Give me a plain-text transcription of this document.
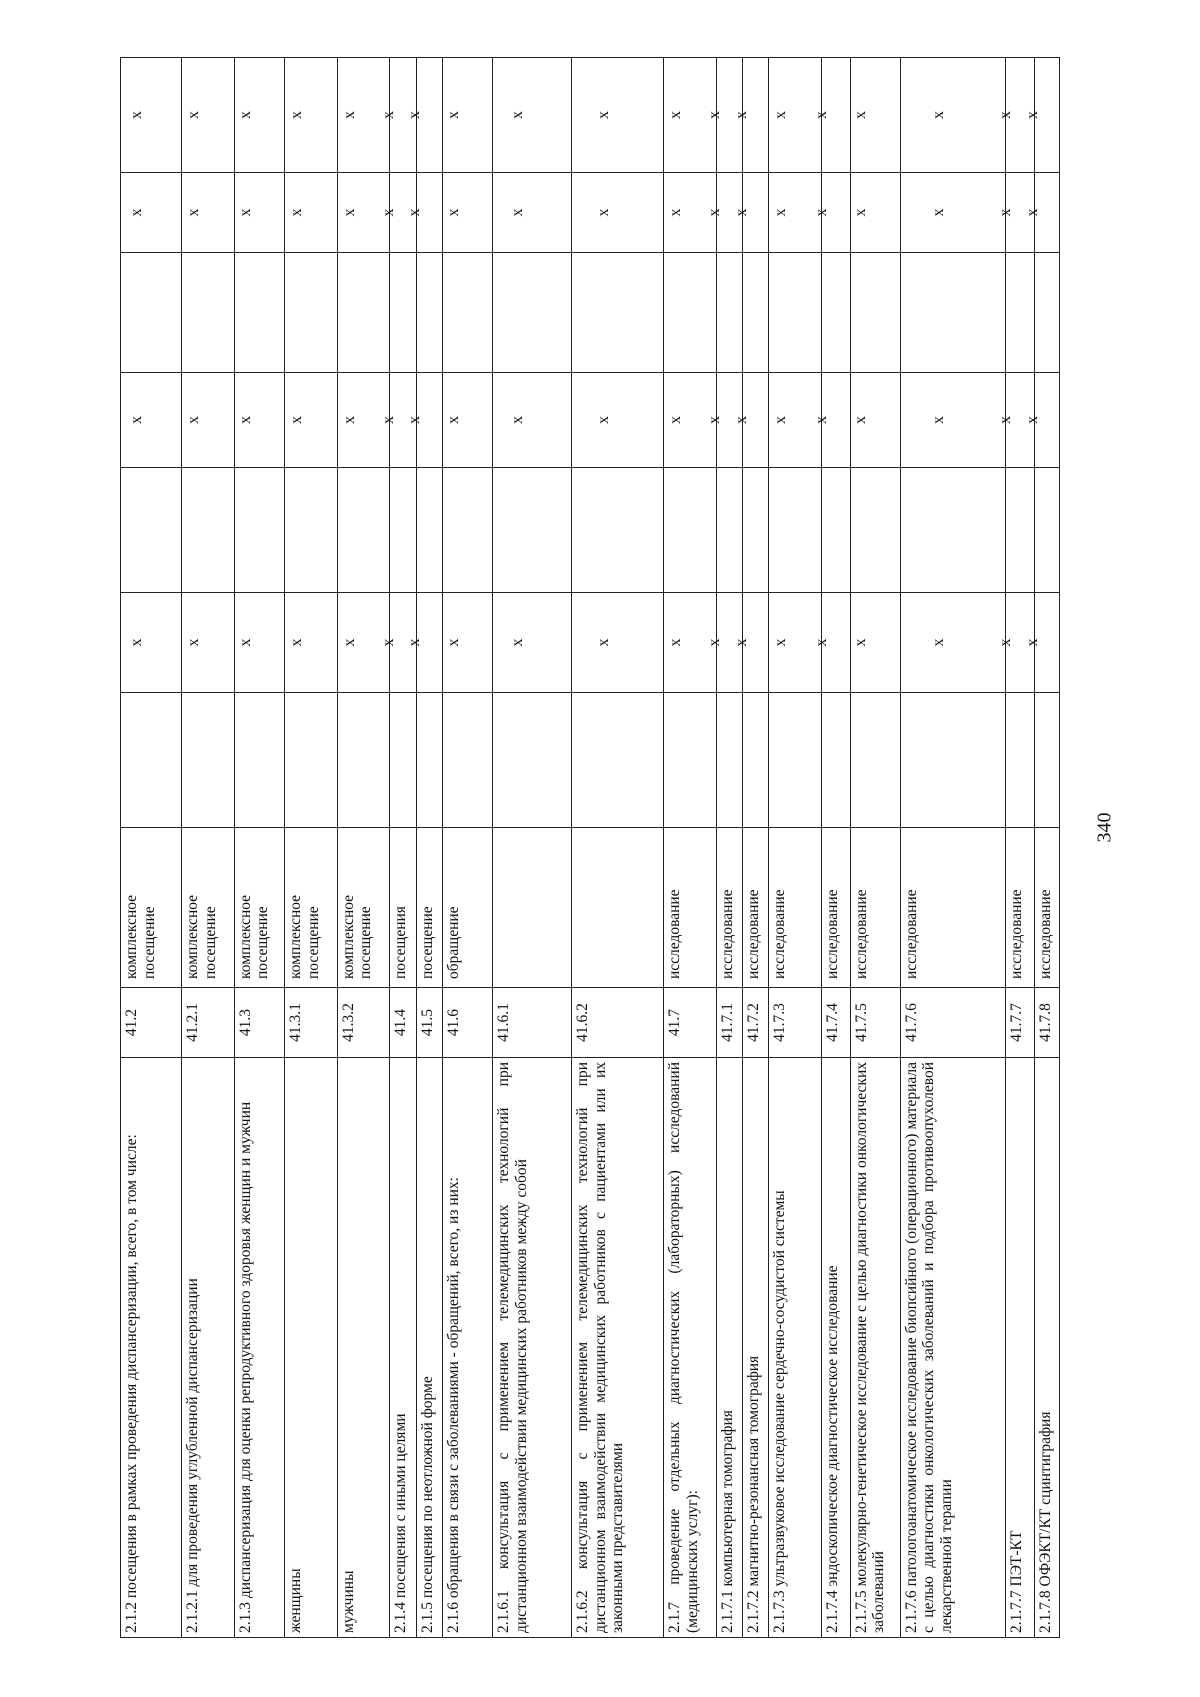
2.1.2 посещения в рамках проведения диспансеризации, всего, в том числе:	41.2	комплексное посещение		x		x		x	x
2.1.2.1 для проведения углубленной диспансеризации	41.2.1	комплексное посещение		x		x		x	x
2.1.3 диспансеризация для оценки репродуктивного здоровья женщин и мужчин	41.3	комплексное посещение		x		x		x	x
женщины	41.3.1	комплексное посещение		x		x		x	x
мужчины	41.3.2	комплексное посещение		x		x		x	x
2.1.4 посещения с иными целями	41.4	посещения		x		x		x	x
2.1.5 посещения по неотложной форме	41.5	посещение		x		x		x	x
2.1.6 обращения в связи с заболеваниями - обращений, всего, из них:	41.6	обращение		x		x		x	x
2.1.6.1 консультация с применением телемедицинских технологий при дистанционном взаимодействии медицинских работников между собой	41.6.1			x		x		x	x
2.1.6.2 консультация с применением телемедицинских технологий при дистанционном взаимодействии медицинских работников с пациентами или их законными представителями	41.6.2			x		x		x	x
2.1.7 проведение отдельных диагностических (лабораторных) исследований (медицинских услуг):	41.7	исследование		x		x		x	x
2.1.7.1 компьютерная томография	41.7.1	исследование		x		x		x	x
2.1.7.2 магнитно-резонансная томография	41.7.2	исследование		x		x		x	x
2.1.7.3 ультразвуковое исследование сердечно-сосудистой системы	41.7.3	исследование		x		x		x	x
2.1.7.4 эндоскопическое диагностическое исследование	41.7.4	исследование		x		x		x	x
2.1.7.5 молекулярно-генетическое исследование с целью диагностики онкологических заболеваний	41.7.5	исследование		x		x		x	x
2.1.7.6 патологоанатомическое исследование биопсийного (операционного) материала с целью диагностики онкологических заболеваний и подбора противоопухолевой лекарственной терапии	41.7.6	исследование		x		x		x	x
2.1.7.7 ПЭТ-КТ	41.7.7	исследование		x		x		x	x
2.1.7.8 ОФЭКТ/КТ сцинтиграфия	41.7.8	исследование		x		x		x	x
340
